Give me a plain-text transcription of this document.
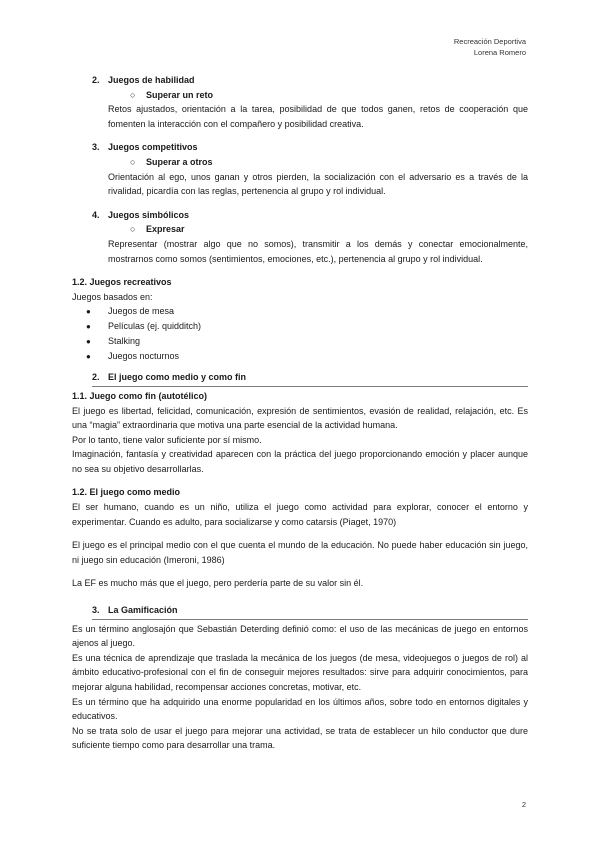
Recreación Deportiva
Lorena Romero
2. Juegos de habilidad
○	Superar un reto

Retos ajustados, orientación a la tarea, posibilidad de que todos ganen, retos de cooperación que fomenten la interacción con el compañero y posibilidad creativa.

3. Juegos competitivos
○	Superar a otros

Orientación al ego, unos ganan y otros pierden, la socialización con el adversario es a través de la rivalidad, picardía con las reglas, pertenencia al grupo y rol individual.

4. Juegos simbólicos
○	Expresar

Representar (mostrar algo que no somos), transmitir a los demás y conectar emocionalmente, mostrarnos como somos (sentimientos, emociones, etc.), pertenencia al grupo y rol individual.

1.2. Juegos recreativos
Juegos basados en:
●	Juegos de mesa
●	Películas (ej. quidditch)
●	Stalking
●	Juegos nocturnos
2. El juego como medio y como fin
1.1. Juego como fin (autotélico)

El juego es libertad, felicidad, comunicación, expresión de sentimientos, evasión de realidad, relajación, etc. Es una “magia” extraordinaria que motiva una parte esencial de la actividad humana.

Por lo tanto, tiene valor suficiente por sí mismo.

Imaginación, fantasía y creatividad aparecen con la práctica del juego proporcionando emoción y placer aunque no sea su objetivo desarrollarlas.

1.2. El juego como medio

El ser humano, cuando es un niño, utiliza el juego como actividad para explorar, conocer el entorno y experimentar. Cuando es adulto, para socializarse y como catarsis (Piaget, 1970)

El juego es el principal medio con el que cuenta el mundo de la educación. No puede haber educación sin juego, ni juego sin educación (Imeroni, 1986)

La EF es mucho más que el juego, pero perdería parte de su valor sin él.

3. La Gamificación

Es un término anglosajón que Sebastián Deterding definió como: el uso de las mecánicas de juego en entornos ajenos al juego.

Es una técnica de aprendizaje que traslada la mecánica de los juegos (de mesa, videojuegos o juegos de rol) al ámbito educativo-profesional con el fin de conseguir mejores resultados: sirve para adquirir conocimientos, para mejorar alguna habilidad, recompensar acciones concretas, motivar, etc.

Es un término que ha adquirido una enorme popularidad en los últimos años, sobre todo en entornos digitales y educativos.

No se trata solo de usar el juego para mejorar una actividad, se trata de establecer un hilo conductor que dure suficiente tiempo como para desarrollar una trama.

2
